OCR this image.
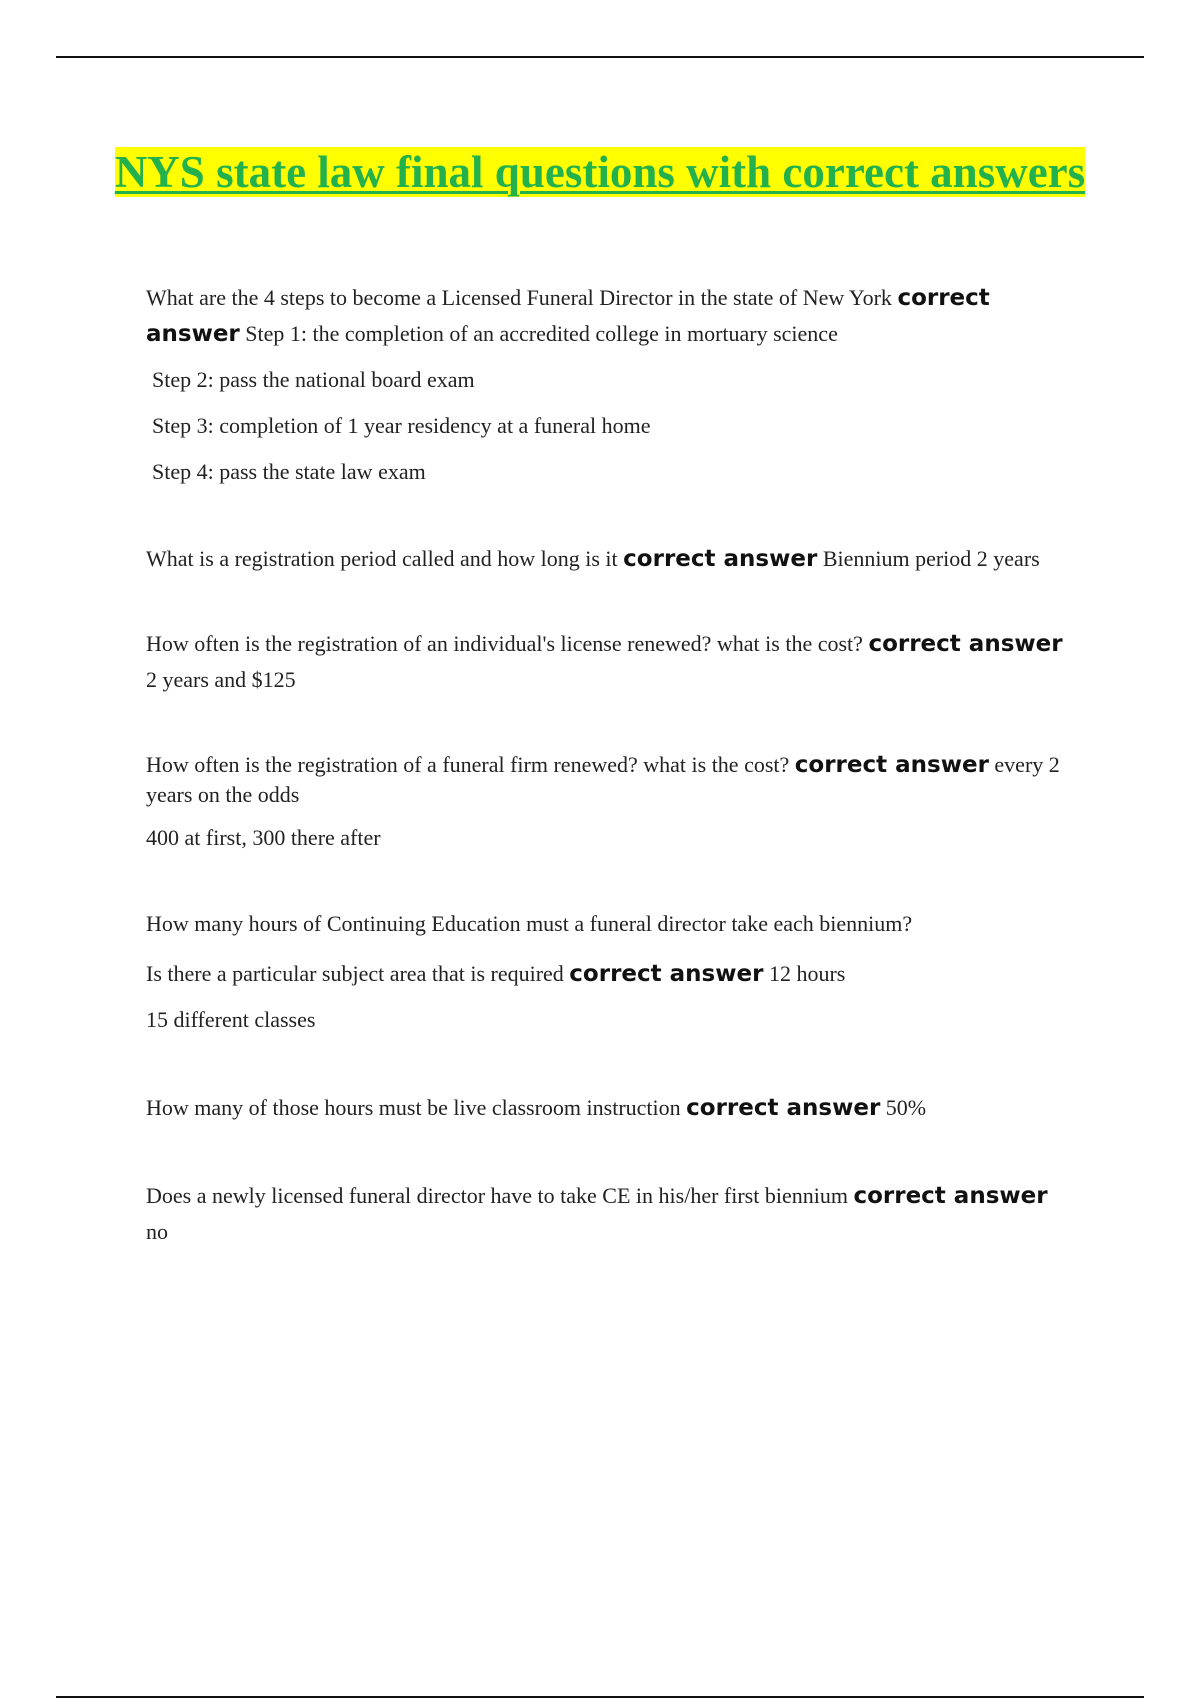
NYS state law final questions with correct answers

What are the 4 steps to become a Licensed Funeral Director in the state of New York correct answer Step 1: the completion of an accredited college in mortuary science

Step 2: pass the national board exam

Step 3: completion of 1 year residency at a funeral home

Step 4: pass the state law exam

What is a registration period called and how long is it correct answer Biennium period 2 years

How often is the registration of an individual's license renewed? what is the cost? correct answer 2 years and $125

How often is the registration of a funeral firm renewed? what is the cost? correct answer every 2 years on the odds

400 at first, 300 there after

How many hours of Continuing Education must a funeral director take each biennium?

Is there a particular subject area that is required correct answer 12 hours

15 different classes

How many of those hours must be live classroom instruction correct answer 50%

Does a newly licensed funeral director have to take CE in his/her first biennium correct answer no
